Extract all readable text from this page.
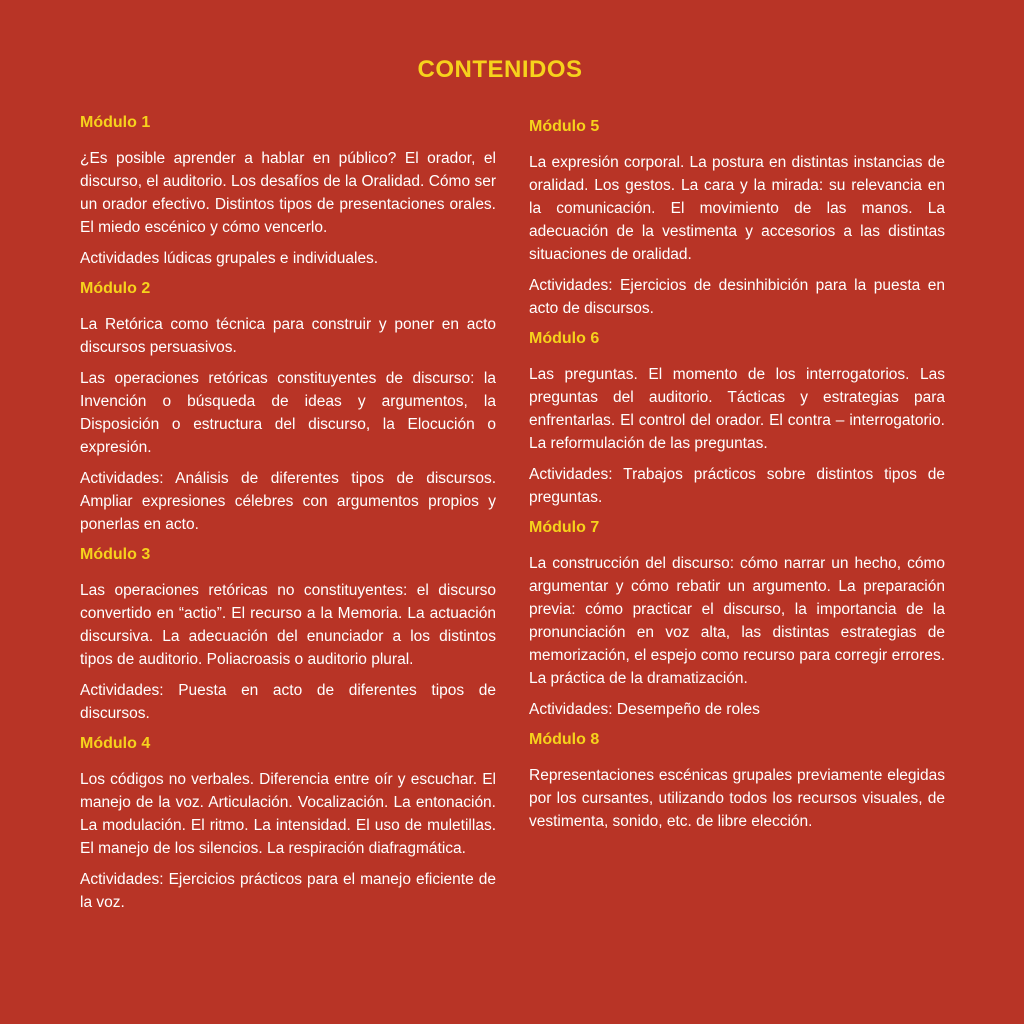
CONTENIDOS
Módulo 1

¿Es posible aprender a hablar en público? El orador, el discurso, el auditorio. Los desafíos de la Oralidad. Cómo ser un orador efectivo. Distintos tipos de presentaciones orales. El miedo escénico y cómo vencerlo.

Actividades lúdicas grupales e individuales.

Módulo 2

La Retórica como técnica para construir y poner en acto discursos persuasivos.

Las operaciones retóricas constituyentes de discurso: la Invención o búsqueda de ideas y argumentos, la Disposición o estructura del discurso, la Elocución o expresión.

Actividades: Análisis de diferentes tipos de discursos. Ampliar expresiones célebres con argumentos propios y ponerlas en acto.

Módulo 3

Las operaciones retóricas no constituyentes: el discurso convertido en “actio”. El recurso a la Memoria. La actuación discursiva. La adecuación del enunciador a los distintos tipos de auditorio. Poliacroasis o auditorio plural.

Actividades: Puesta en acto de diferentes tipos de discursos.

Módulo 4

Los códigos no verbales. Diferencia entre oír y escuchar. El manejo de la voz. Articulación. Vocalización. La entonación. La modulación. El ritmo. La intensidad. El uso de muletillas. El manejo de los silencios. La respiración diafragmática.

Actividades: Ejercicios prácticos para el manejo eficiente de la voz.

Módulo 5

La expresión corporal. La postura en distintas instancias de oralidad. Los gestos. La cara y la mirada: su relevancia en la comunicación. El movimiento de las manos. La adecuación de la vestimenta y accesorios a las distintas situaciones de oralidad.

Actividades: Ejercicios de desinhibición para la puesta en acto de discursos.

Módulo 6

Las preguntas. El momento de los interrogatorios. Las preguntas del auditorio. Tácticas y estrategias para enfrentarlas. El control del orador. El contra – interrogatorio. La reformulación de las preguntas.

Actividades: Trabajos prácticos sobre distintos tipos de preguntas.

Módulo 7

La construcción del discurso: cómo narrar un hecho, cómo argumentar y cómo rebatir un argumento. La preparación previa: cómo practicar el discurso, la importancia de la pronunciación en voz alta, las distintas estrategias de memorización, el espejo como recurso para corregir errores. La práctica de la dramatización.

Actividades: Desempeño de roles

Módulo 8

Representaciones escénicas grupales previamente elegidas por los cursantes, utilizando todos los recursos visuales, de vestimenta, sonido, etc. de libre elección.
